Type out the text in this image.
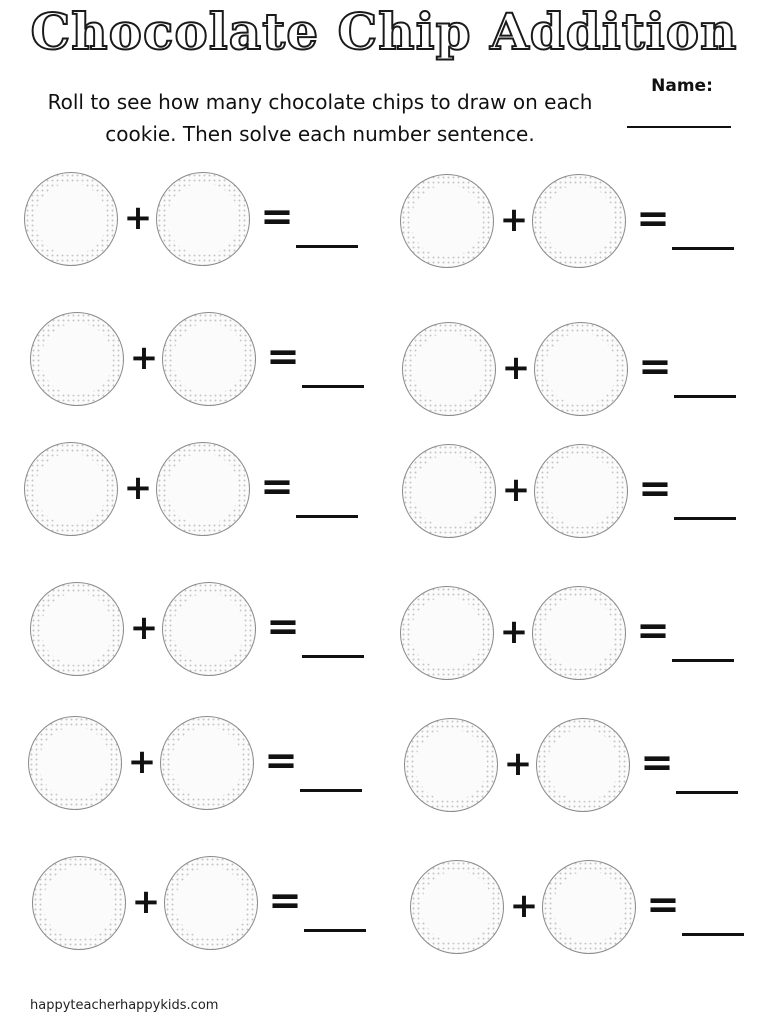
Chocolate Chip Addition
Roll to see how many chocolate chips to draw on each cookie. Then solve each number sentence.
Name:
+	=	+	=
+	=	+	=
+	=	+	=
+	=	+	=
+	=	+	=
+	=	+	=
happyteacherhappykids.com
